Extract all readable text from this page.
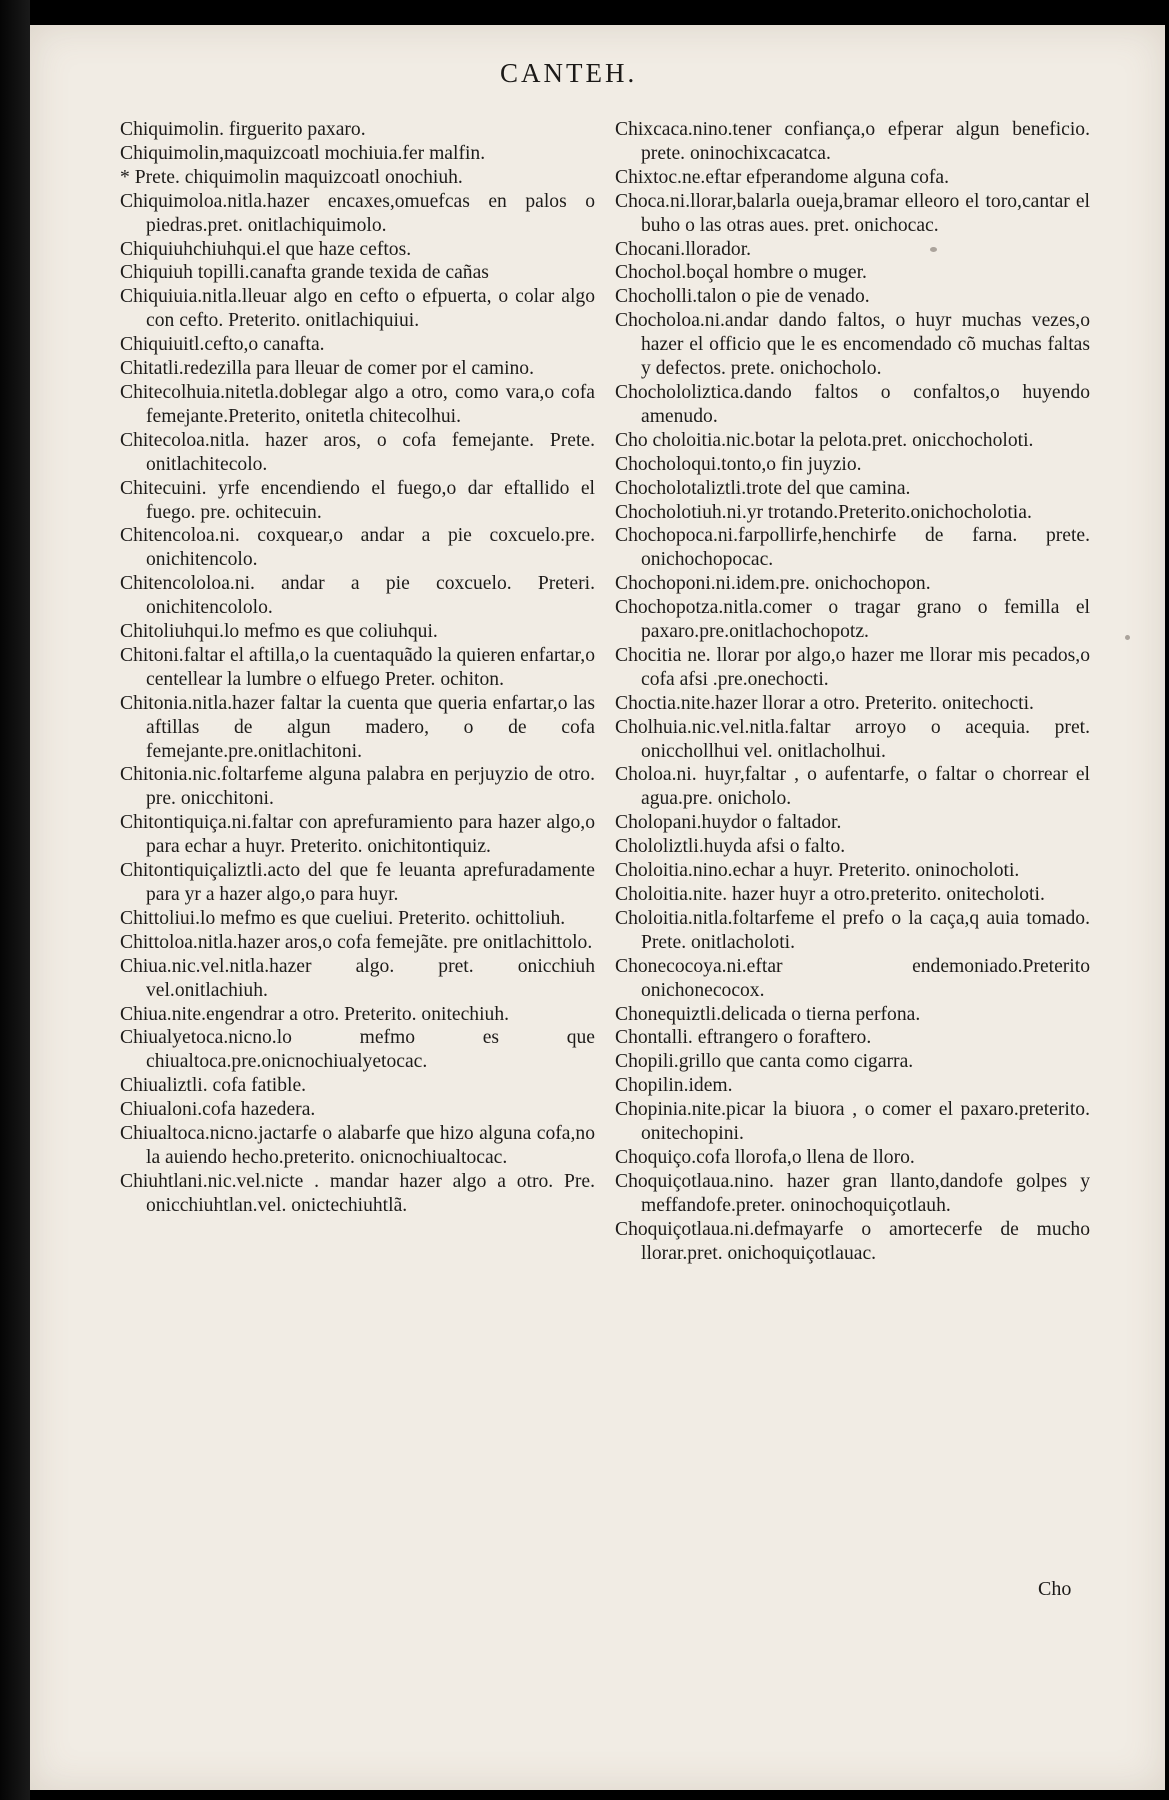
CANTEH.

Chiquimolin. firguerito paxaro.

Chiquimolin,maquizcoatl mochiuia.fer malfin.

* Prete. chiquimolin maquizcoatl onochiuh.

Chiquimoloa.nitla.hazer encaxes,omuefcas en palos o piedras.pret. onitlachiquimolo.

Chiquiuhchiuhqui.el que haze ceftos.

Chiquiuh topilli.canafta grande texida de cañas

Chiquiuia.nitla.lleuar algo en cefto o efpuerta, o colar algo con cefto. Preterito. onitlachiquiui.

Chiquiuitl.cefto,o canafta.

Chitatli.redezilla para lleuar de comer por el camino.

Chitecolhuia.nitetla.doblegar algo a otro, como vara,o cofa femejante.Preterito, onitetla chitecolhui.

Chitecoloa.nitla. hazer aros, o cofa femejante. Prete. onitlachitecolo.

Chitecuini. yrfe encendiendo el fuego,o dar eftallido el fuego. pre. ochitecuin.

Chitencoloa.ni. coxquear,o andar a pie coxcuelo.pre. onichitencolo.

Chitencololoa.ni. andar a pie coxcuelo. Preteri. onichitencololo.

Chitoliuhqui.lo mefmo es que coliuhqui.

Chitoni.faltar el aftilla,o la cuentaquãdo la quieren enfartar,o centellear la lumbre o elfuego Preter. ochiton.

Chitonia.nitla.hazer faltar la cuenta que queria enfartar,o las aftillas de algun madero, o de cofa femejante.pre.onitlachitoni.

Chitonia.nic.foltarfeme alguna palabra en perjuyzio de otro. pre. onicchitoni.

Chitontiquiça.ni.faltar con aprefuramiento para hazer algo,o para echar a huyr. Preterito. onichitontiquiz.

Chitontiquiçaliztli.acto del que fe leuanta aprefuradamente para yr a hazer algo,o para huyr.

Chittoliui.lo mefmo es que cueliui. Preterito. ochittoliuh.

Chittoloa.nitla.hazer aros,o cofa femejãte. pre onitlachittolo.

Chiua.nic.vel.nitla.hazer algo. pret. onicchiuh vel.onitlachiuh.

Chiua.nite.engendrar a otro. Preterito. onitechiuh.

Chiualyetoca.nicno.lo mefmo es que chiualtoca.pre.onicnochiualyetocac.

Chiualiztli. cofa fatible.

Chiualoni.cofa hazedera.

Chiualtoca.nicno.jactarfe o alabarfe que hizo alguna cofa,no la auiendo hecho.preterito. onicnochiualtocac.

Chiuhtlani.nic.vel.nicte . mandar hazer algo a otro. Pre. onicchiuhtlan.vel. onictechiuhtlã.

Chixcaca.nino.tener confiança,o efperar algun beneficio. prete. oninochixcacatca.

Chixtoc.ne.eftar efperandome alguna cofa.

Choca.ni.llorar,balarla oueja,bramar elleoro el toro,cantar el buho o las otras aues. pret. onichocac.

Chocani.llorador.

Chochol.boçal hombre o muger.

Chocholli.talon o pie de venado.

Chocholoa.ni.andar dando faltos, o huyr muchas vezes,o hazer el officio que le es encomendado cõ muchas faltas y defectos. prete. onichocholo.

Chochololiztica.dando faltos o confaltos,o huyendo amenudo.

Cho choloitia.nic.botar la pelota.pret. onicchocholoti.

Chocholoqui.tonto,o fin juyzio.

Chocholotaliztli.trote del que camina.

Chocholotiuh.ni.yr trotando.Preterito.onichocholotia.

Chochopoca.ni.farpollirfe,henchirfe de farna. prete. onichochopocac.

Chochoponi.ni.idem.pre. onichochopon.

Chochopotza.nitla.comer o tragar grano o femilla el paxaro.pre.onitlachochopotz.

Chocitia ne. llorar por algo,o hazer me llorar mis pecados,o cofa afsi .pre.onechocti.

Choctia.nite.hazer llorar a otro. Preterito. onitechocti.

Cholhuia.nic.vel.nitla.faltar arroyo o acequia. pret. onicchollhui vel. onitlacholhui.

Choloa.ni. huyr,faltar , o aufentarfe, o faltar o chorrear el agua.pre. onicholo.

Cholopani.huydor o faltador.

Chololiztli.huyda afsi o falto.

Choloitia.nino.echar a huyr. Preterito. oninocholoti.

Choloitia.nite. hazer huyr a otro.preterito. onitecholoti.

Choloitia.nitla.foltarfeme el prefo o la caça,q auia tomado. Prete. onitlacholoti.

Chonecocoya.ni.eftar endemoniado.Preterito onichonecocox.

Chonequiztli.delicada o tierna perfona.

Chontalli. eftrangero o foraftero.

Chopili.grillo que canta como cigarra.

Chopilin.idem.

Chopinia.nite.picar la biuora , o comer el paxaro.preterito. onitechopini.

Choquiço.cofa llorofa,o llena de lloro.

Choquiçotlaua.nino. hazer gran llanto,dandofe golpes y meffandofe.preter. oninochoquiçotlauh.

Choquiçotlaua.ni.defmayarfe o amortecerfe de mucho llorar.pret. onichoquiçotlauac.

Cho
